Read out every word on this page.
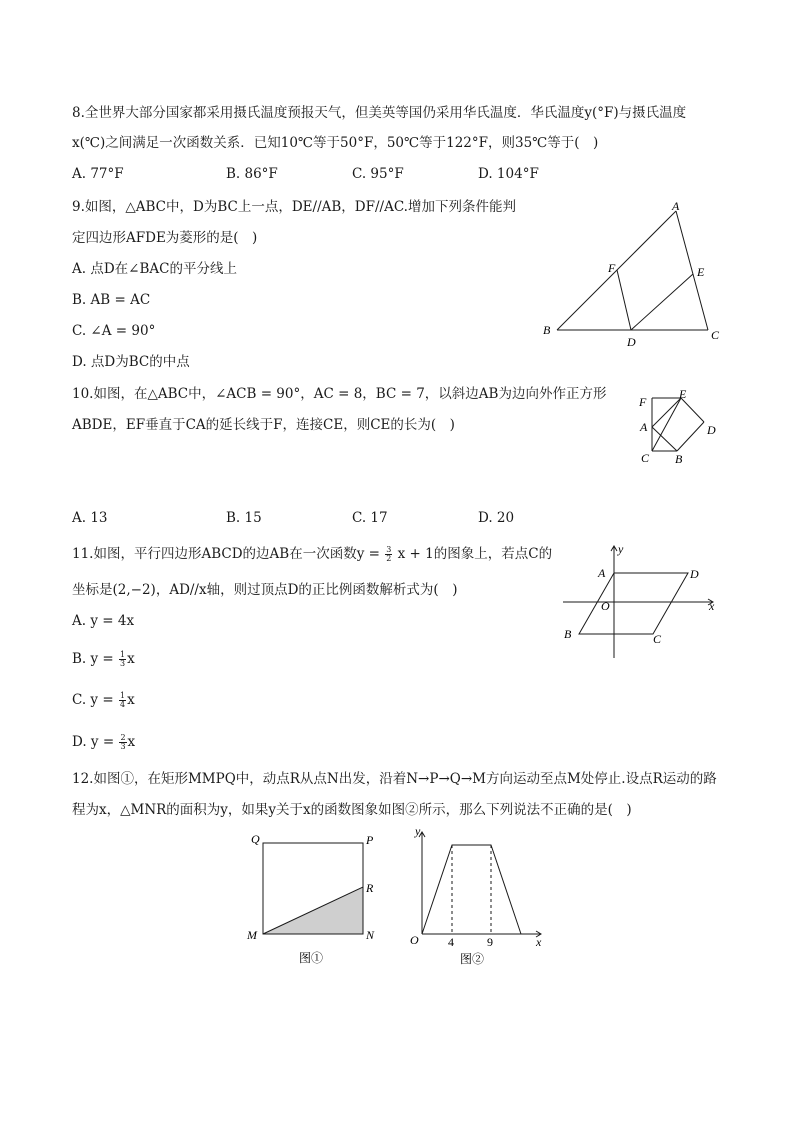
8.全世界大部分国家都采用摄氏温度预报天气，但美英等国仍采用华氏温度．华氏温度y(°F)与摄氏温度
x(℃)之间满足一次函数关系．已知10℃等于50°F，50℃等于122°F，则35℃等于(　)
A. 77°F	B. 86°F	C. 95°F	D. 104°F
9.如图，△ABC中，D为BC上一点，DE//AB，DF//AC.增加下列条件能判
定四边形AFDE为菱形的是(　)
A. 点D在∠BAC的平分线上
B. AB = AC
C. ∠A = 90°
D. 点D为BC的中点
A
B	C
D
E
F
10.如图，在△ABC中，∠ACB = 90°，AC = 8，BC = 7，以斜边AB为边向外作正方形
ABDE，EF垂直于CA的延长线于F，连接CE，则CE的长为(　)
A. 13	B. 15	C. 17	D. 20
F
E
A	D
C B
11.如图，平行四边形ABCD的边AB在一次函数$y = \frac{3}{2}$ x + 1的图象上，若点C的
坐标是(2,−2)，AD//x轴，则过顶点D的正比例函数解析式为(　)
A. y = 4x
B. $y = \frac{1}{3}$ x
C. $y = \frac{1}{4}$ x
D. $y = \frac{2}{3}$ x
y
x
A	D
O
B	C
12.如图①，在矩形MMPQ中，动点R从点N出发，沿着N→P→Q→M方向运动至点M处停止.设点R运动的路
程为x，△MNR的面积为y，如果y关于x的函数图象如图②所示，那么下列说法不正确的是(　)
Q	P
R
M	N
图①
y
O 4	9	x
图②
